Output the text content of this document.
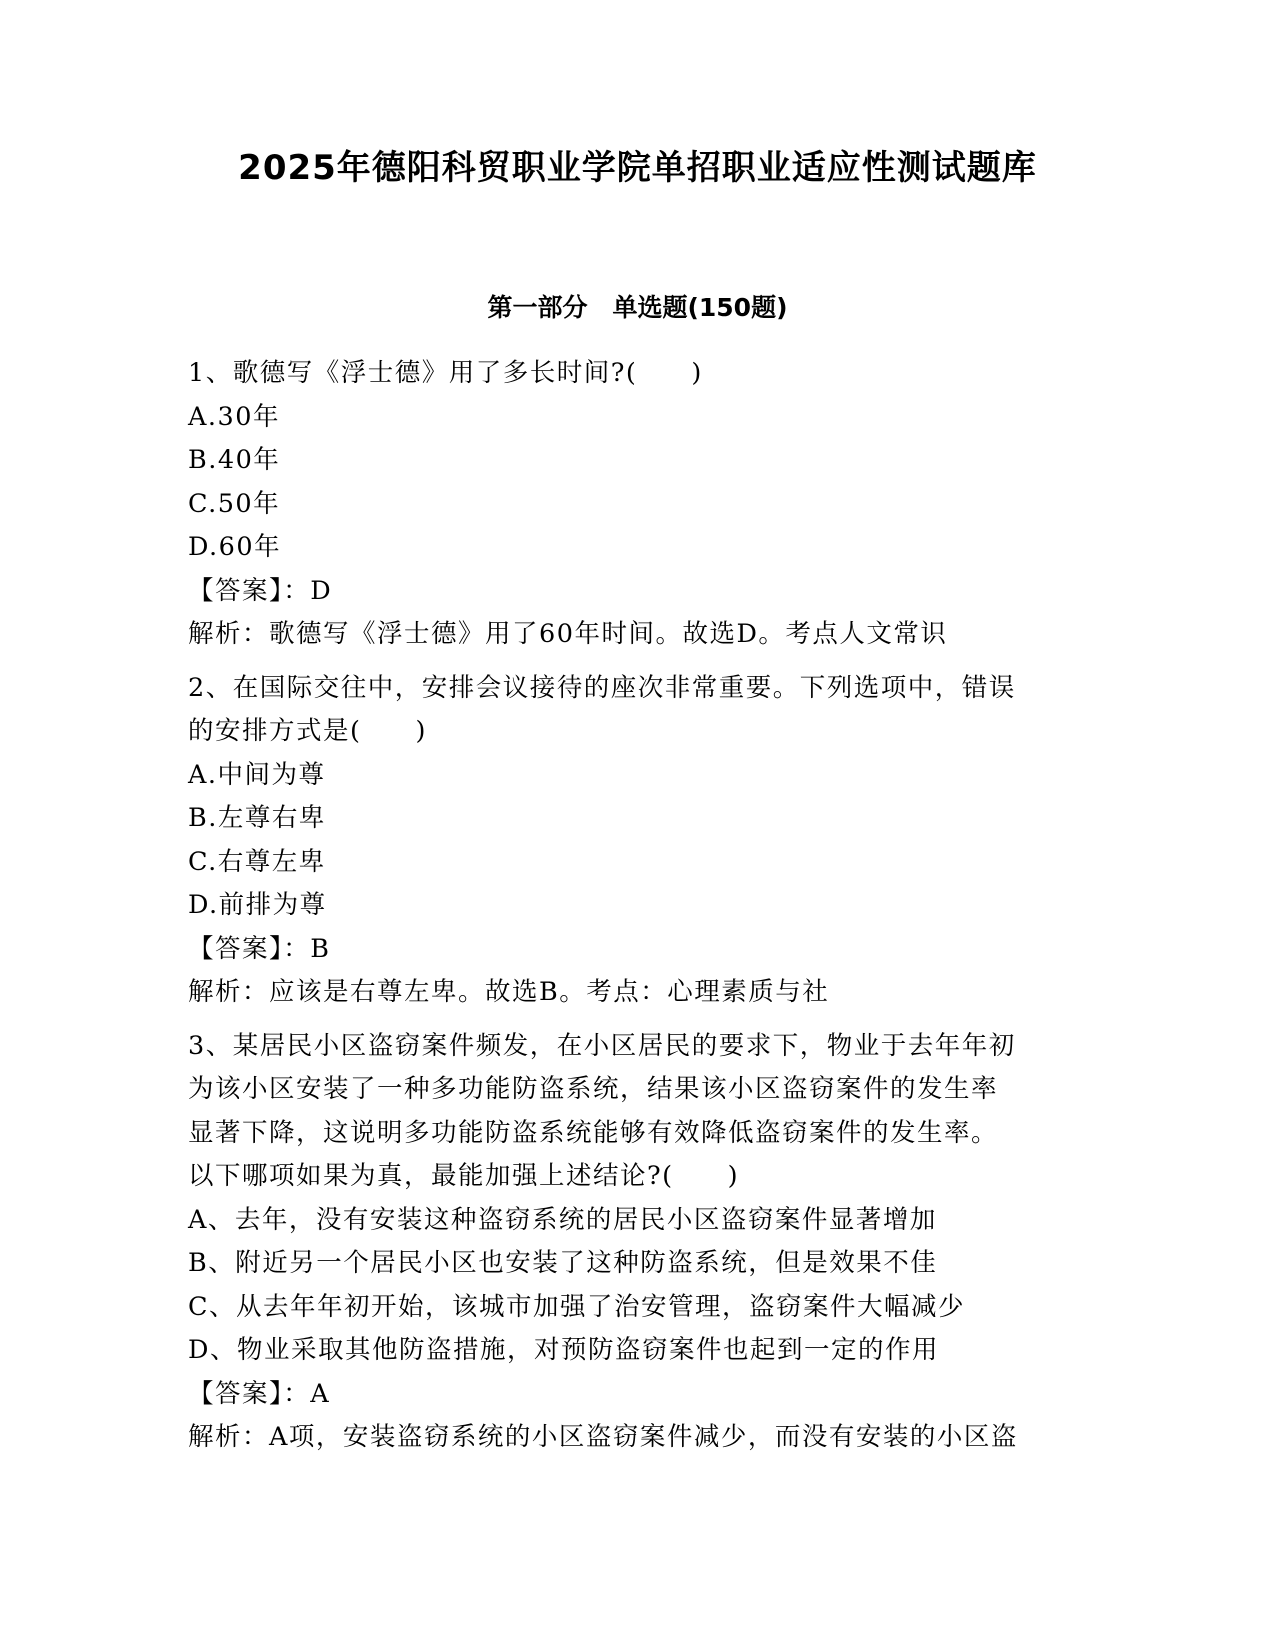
2025年德阳科贸职业学院单招职业适应性测试题库
第一部分　单选题(150题)

1、歌德写《浮士德》用了多长时间?(　　)

A.30年

B.40年

C.50年

D.60年

【答案】：D

解析：歌德写《浮士德》用了60年时间。故选D。考点人文常识

2、在国际交往中，安排会议接待的座次非常重要。下列选项中，错误

的安排方式是(　　)

A.中间为尊

B.左尊右卑

C.右尊左卑

D.前排为尊

【答案】：B

解析：应该是右尊左卑。故选B。考点：心理素质与社

3、某居民小区盗窃案件频发，在小区居民的要求下，物业于去年年初

为该小区安装了一种多功能防盗系统，结果该小区盗窃案件的发生率

显著下降，这说明多功能防盗系统能够有效降低盗窃案件的发生率。

以下哪项如果为真，最能加强上述结论?(　　)

A、去年，没有安装这种盗窃系统的居民小区盗窃案件显著增加

B、附近另一个居民小区也安装了这种防盗系统，但是效果不佳

C、从去年年初开始，该城市加强了治安管理，盗窃案件大幅减少

D、物业采取其他防盗措施，对预防盗窃案件也起到一定的作用

【答案】：A

解析：A项，安装盗窃系统的小区盗窃案件减少，而没有安装的小区盗
